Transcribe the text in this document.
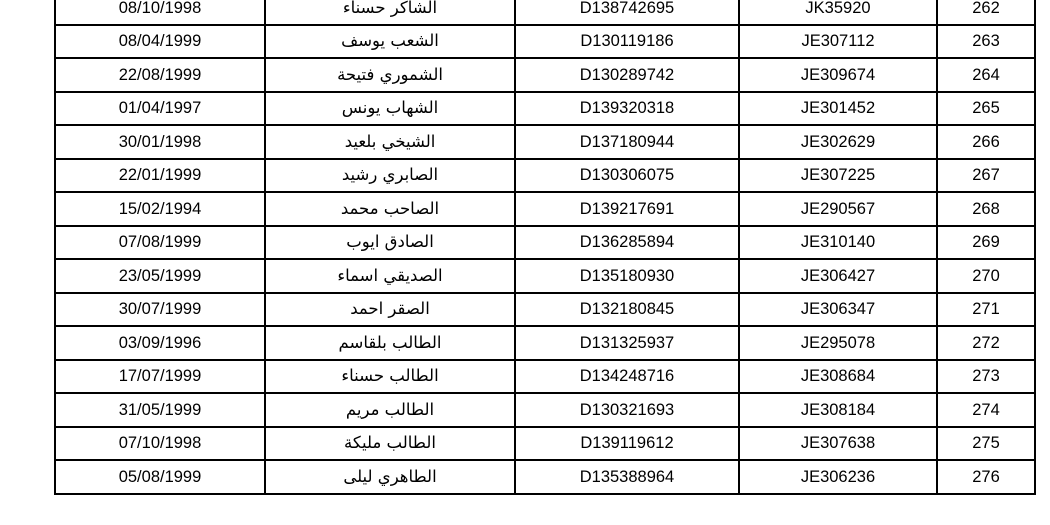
08/10/1998	الشاكر حسناء	D138742695	JK35920	262
08/04/1999	الشعب يوسف	D130119186	JE307112	263
22/08/1999	الشموري فتيحة	D130289742	JE309674	264
01/04/1997	الشهاب يونس	D139320318	JE301452	265
30/01/1998	الشيخي بلعيد	D137180944	JE302629	266
22/01/1999	الصابري رشيد	D130306075	JE307225	267
15/02/1994	الصاحب محمد	D139217691	JE290567	268
07/08/1999	الصادق ايوب	D136285894	JE310140	269
23/05/1999	الصديقي اسماء	D135180930	JE306427	270
30/07/1999	الصقر احمد	D132180845	JE306347	271
03/09/1996	الطالب بلقاسم	D131325937	JE295078	272
17/07/1999	الطالب حسناء	D134248716	JE308684	273
31/05/1999	الطالب مريم	D130321693	JE308184	274
07/10/1998	الطالب مليكة	D139119612	JE307638	275
05/08/1999	الطاهري ليلى	D135388964	JE306236	276
